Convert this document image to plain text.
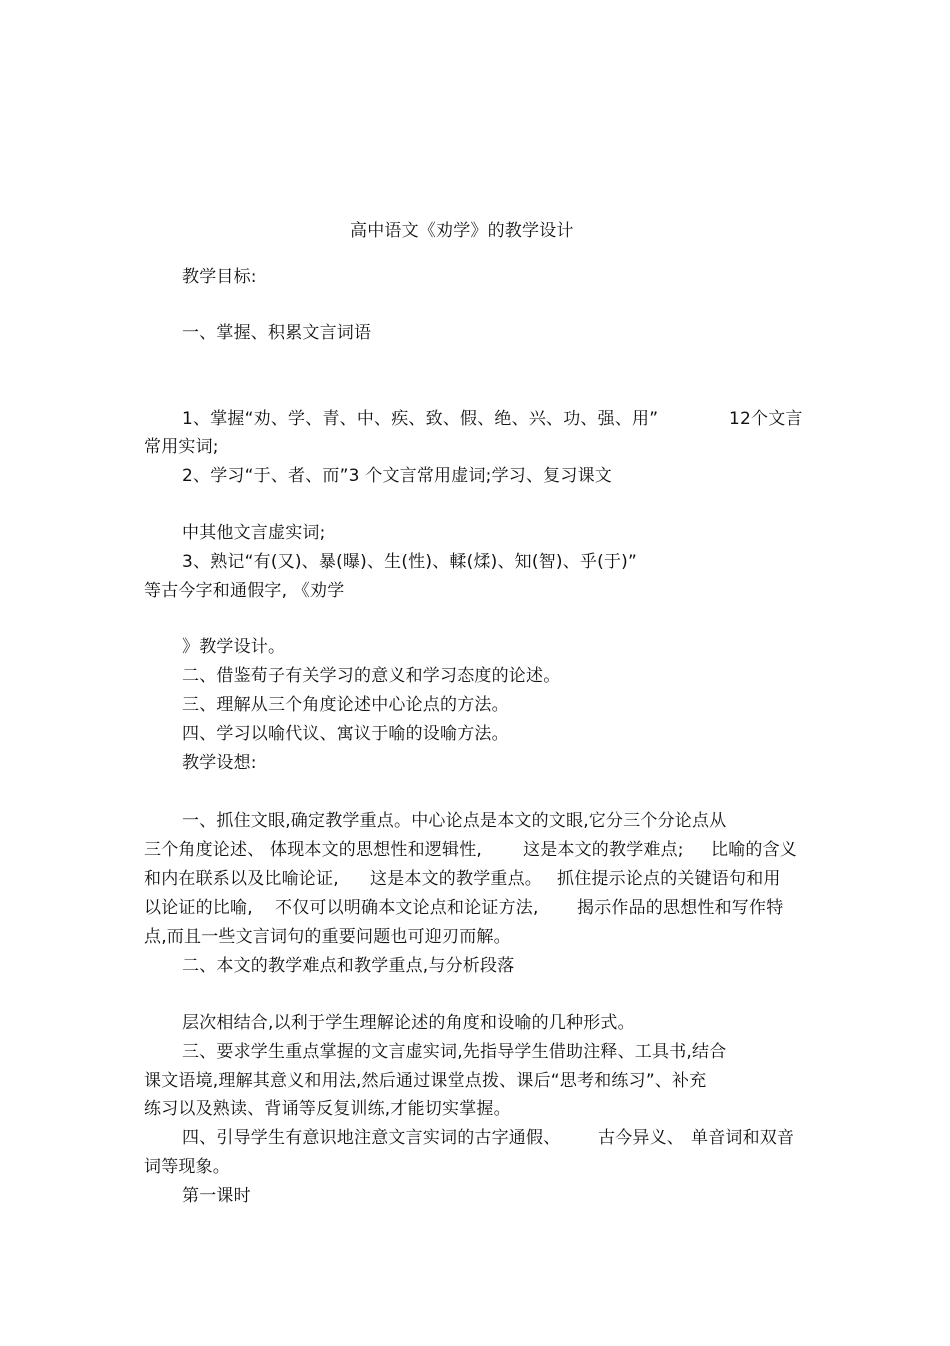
高中语文《劝学》的教学设计
教学目标:
一、掌握、积累文言词语
1、掌握“劝、学、青、中、疾、致、假、绝、兴、功、强、用”	12个文言
常用实词;
2、学习“于、者、而”3 个文言常用虚词;学习、复习课文
中其他文言虚实词;
3、熟记“有(又)、暴(曝)、生(性)、輮(煣)、知(智)、乎(于)”
等古今字和通假字, 《劝学
》教学设计。
二、借鉴荀子有关学习的意义和学习态度的论述。
三、理解从三个角度论述中心论点的方法。
四、学习以喻代议、寓议于喻的设喻方法。
教学设想:
一、抓住文眼,确定教学重点。中心论点是本文的文眼,它分三个分论点从
三个角度论述、 体现本文的思想性和逻辑性, 这是本文的教学难点; 比喻的含义
和内在联系以及比喻论证, 这是本文的教学重点。 抓住提示论点的关键语句和用
以论证的比喻, 不仅可以明确本文论点和论证方法, 揭示作品的思想性和写作特
点,而且一些文言词句的重要问题也可迎刃而解。
二、本文的教学难点和教学重点,与分析段落
层次相结合,以利于学生理解论述的角度和设喻的几种形式。
三、要求学生重点掌握的文言虚实词,先指导学生借助注释、工具书,结合
课文语境,理解其意义和用法,然后通过课堂点拨、课后“思考和练习”、补充
练习以及熟读、背诵等反复训练,才能切实掌握。
四、引导学生有意识地注意文言实词的古字通假、 古今异义、 单音词和双音
词等现象。
第一课时
